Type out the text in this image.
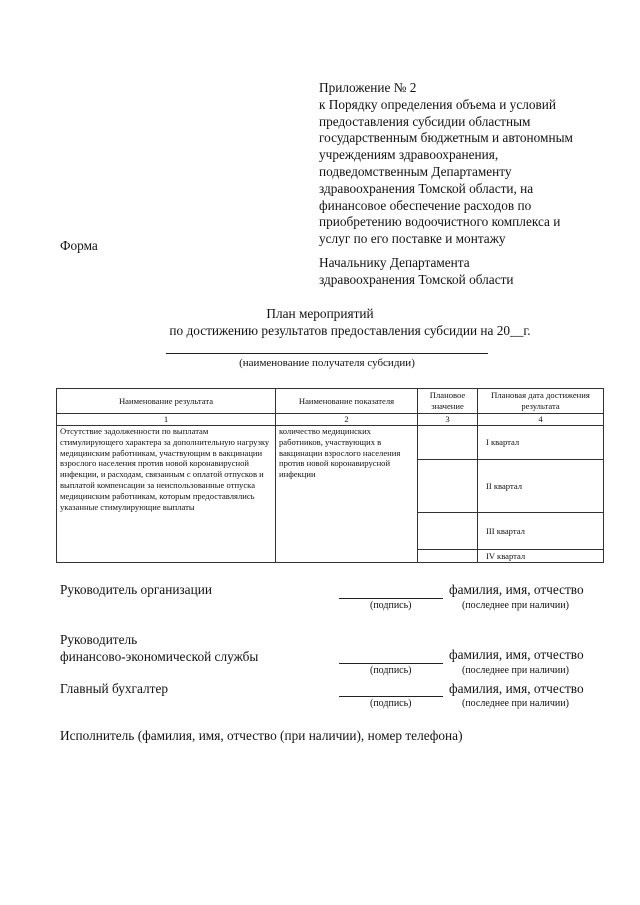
Приложение № 2
к Порядку определения объема и условий
предоставления субсидии областным
государственным бюджетным и автономным
учреждениям здравоохранения,
подведомственным Департаменту
здравоохранения Томской области, на
финансовое обеспечение расходов по
приобретению водоочистного комплекса и
услуг по его поставке и монтажу
Форма
Начальнику Департамента
здравоохранения Томской области
План мероприятий
по достижению результатов предоставления субсидии на 20__г.
(наименование получателя субсидии)
Наименование результата	Наименование показателя	Плановое значение	Плановая дата достижения результата
1	2	3	4
Отсутствие задолженности по выплатам стимулирующего характера за дополнительную нагрузку медицинским работникам, участвующим в вакцинации взрослого населения против новой коронавирусной инфекции, и расходам, связанным с оплатой отпусков и выплатой компенсации за неиспользованные отпуска медицинским работникам, которым предоставлялись указанные стимулирующие выплаты	количество медицинских работников, участвующих в вакцинации взрослого населения против новой коронавирусной инфекции		I квартал
			II квартал
			III квартал
			IV квартал
Руководитель организации
(подпись)
фамилия, имя, отчество
(последнее при наличии)
Руководитель
финансово-экономической службы
(подпись)
фамилия, имя, отчество
(последнее при наличии)
Главный бухгалтер
(подпись)
фамилия, имя, отчество
(последнее при наличии)
Исполнитель (фамилия, имя, отчество (при наличии), номер телефона)
